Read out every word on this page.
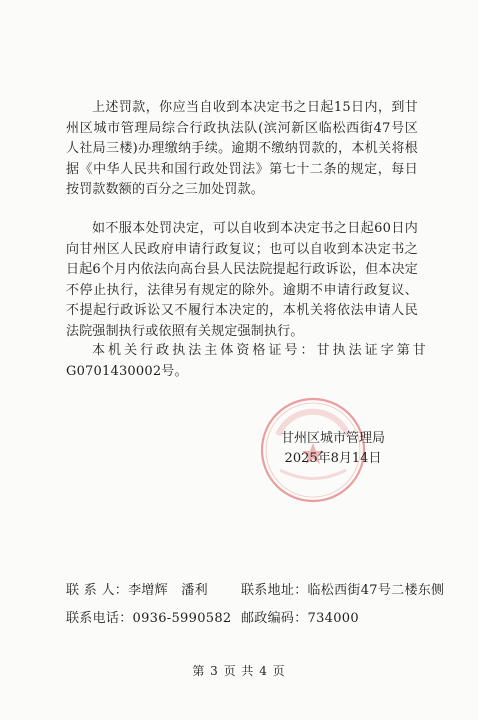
上述罚款，你应当自收到本决定书之日起15日内，到甘州区城市管理局综合行政执法队(滨河新区临松西街47号区人社局三楼)办理缴纳手续。逾期不缴纳罚款的，本机关将根据《中华人民共和国行政处罚法》第七十二条的规定，每日按罚款数额的百分之三加处罚款。

如不服本处罚决定，可以自收到本决定书之日起60日内向甘州区人民政府申请行政复议；也可以自收到本决定书之日起6个月内依法向高台县人民法院提起行政诉讼，但本决定不停止执行，法律另有规定的除外。逾期不申请行政复议、不提起行政诉讼又不履行本决定的，本机关将依法申请人民法院强制执行或依照有关规定强制执行。

本机关行政执法主体资格证号：甘执法证字第甘G0701430002号。

甘州区城市管理局
2025年8月14日
联 系 人：李增辉　潘利	联系地址：临松西街47号二楼东侧
联系电话：0936-5990582 邮政编码：734000
第 3 页 共 4 页
